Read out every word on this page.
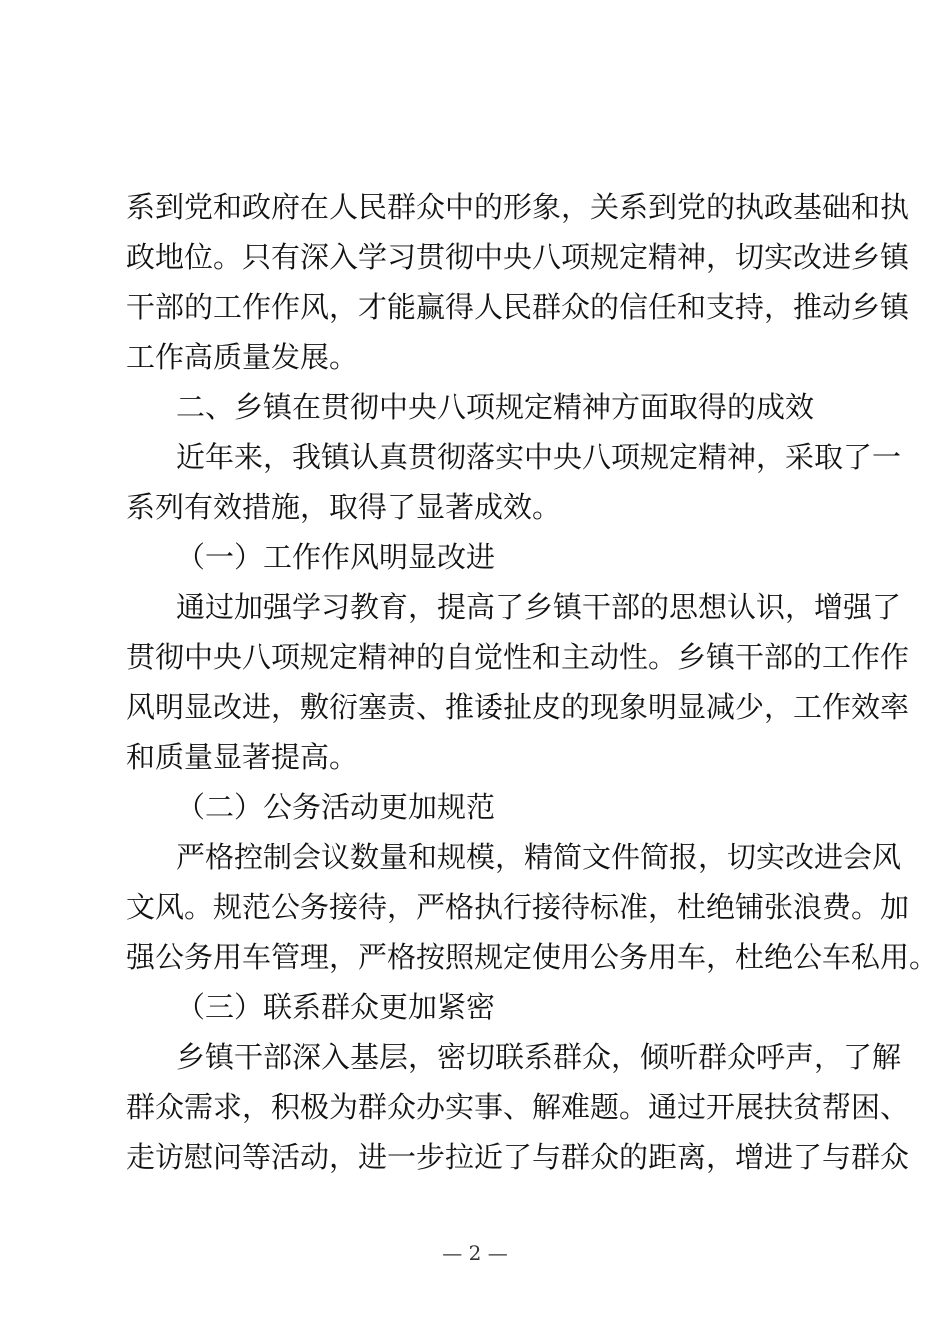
系到党和政府在人民群众中的形象，关系到党的执政基础和执
政地位。只有深入学习贯彻中央八项规定精神，切实改进乡镇
干部的工作作风，才能赢得人民群众的信任和支持，推动乡镇
工作高质量发展。
二、乡镇在贯彻中央八项规定精神方面取得的成效
近年来，我镇认真贯彻落实中央八项规定精神，采取了一
系列有效措施，取得了显著成效。
（一）工作作风明显改进
通过加强学习教育，提高了乡镇干部的思想认识，增强了
贯彻中央八项规定精神的自觉性和主动性。乡镇干部的工作作
风明显改进，敷衍塞责、推诿扯皮的现象明显减少，工作效率
和质量显著提高。
（二）公务活动更加规范
严格控制会议数量和规模，精简文件简报，切实改进会风
文风。规范公务接待，严格执行接待标准，杜绝铺张浪费。加
强公务用车管理，严格按照规定使用公务用车，杜绝公车私用。
（三）联系群众更加紧密
乡镇干部深入基层，密切联系群众，倾听群众呼声，了解
群众需求，积极为群众办实事、解难题。通过开展扶贫帮困、
走访慰问等活动，进一步拉近了与群众的距离，增进了与群众
— 2 —
